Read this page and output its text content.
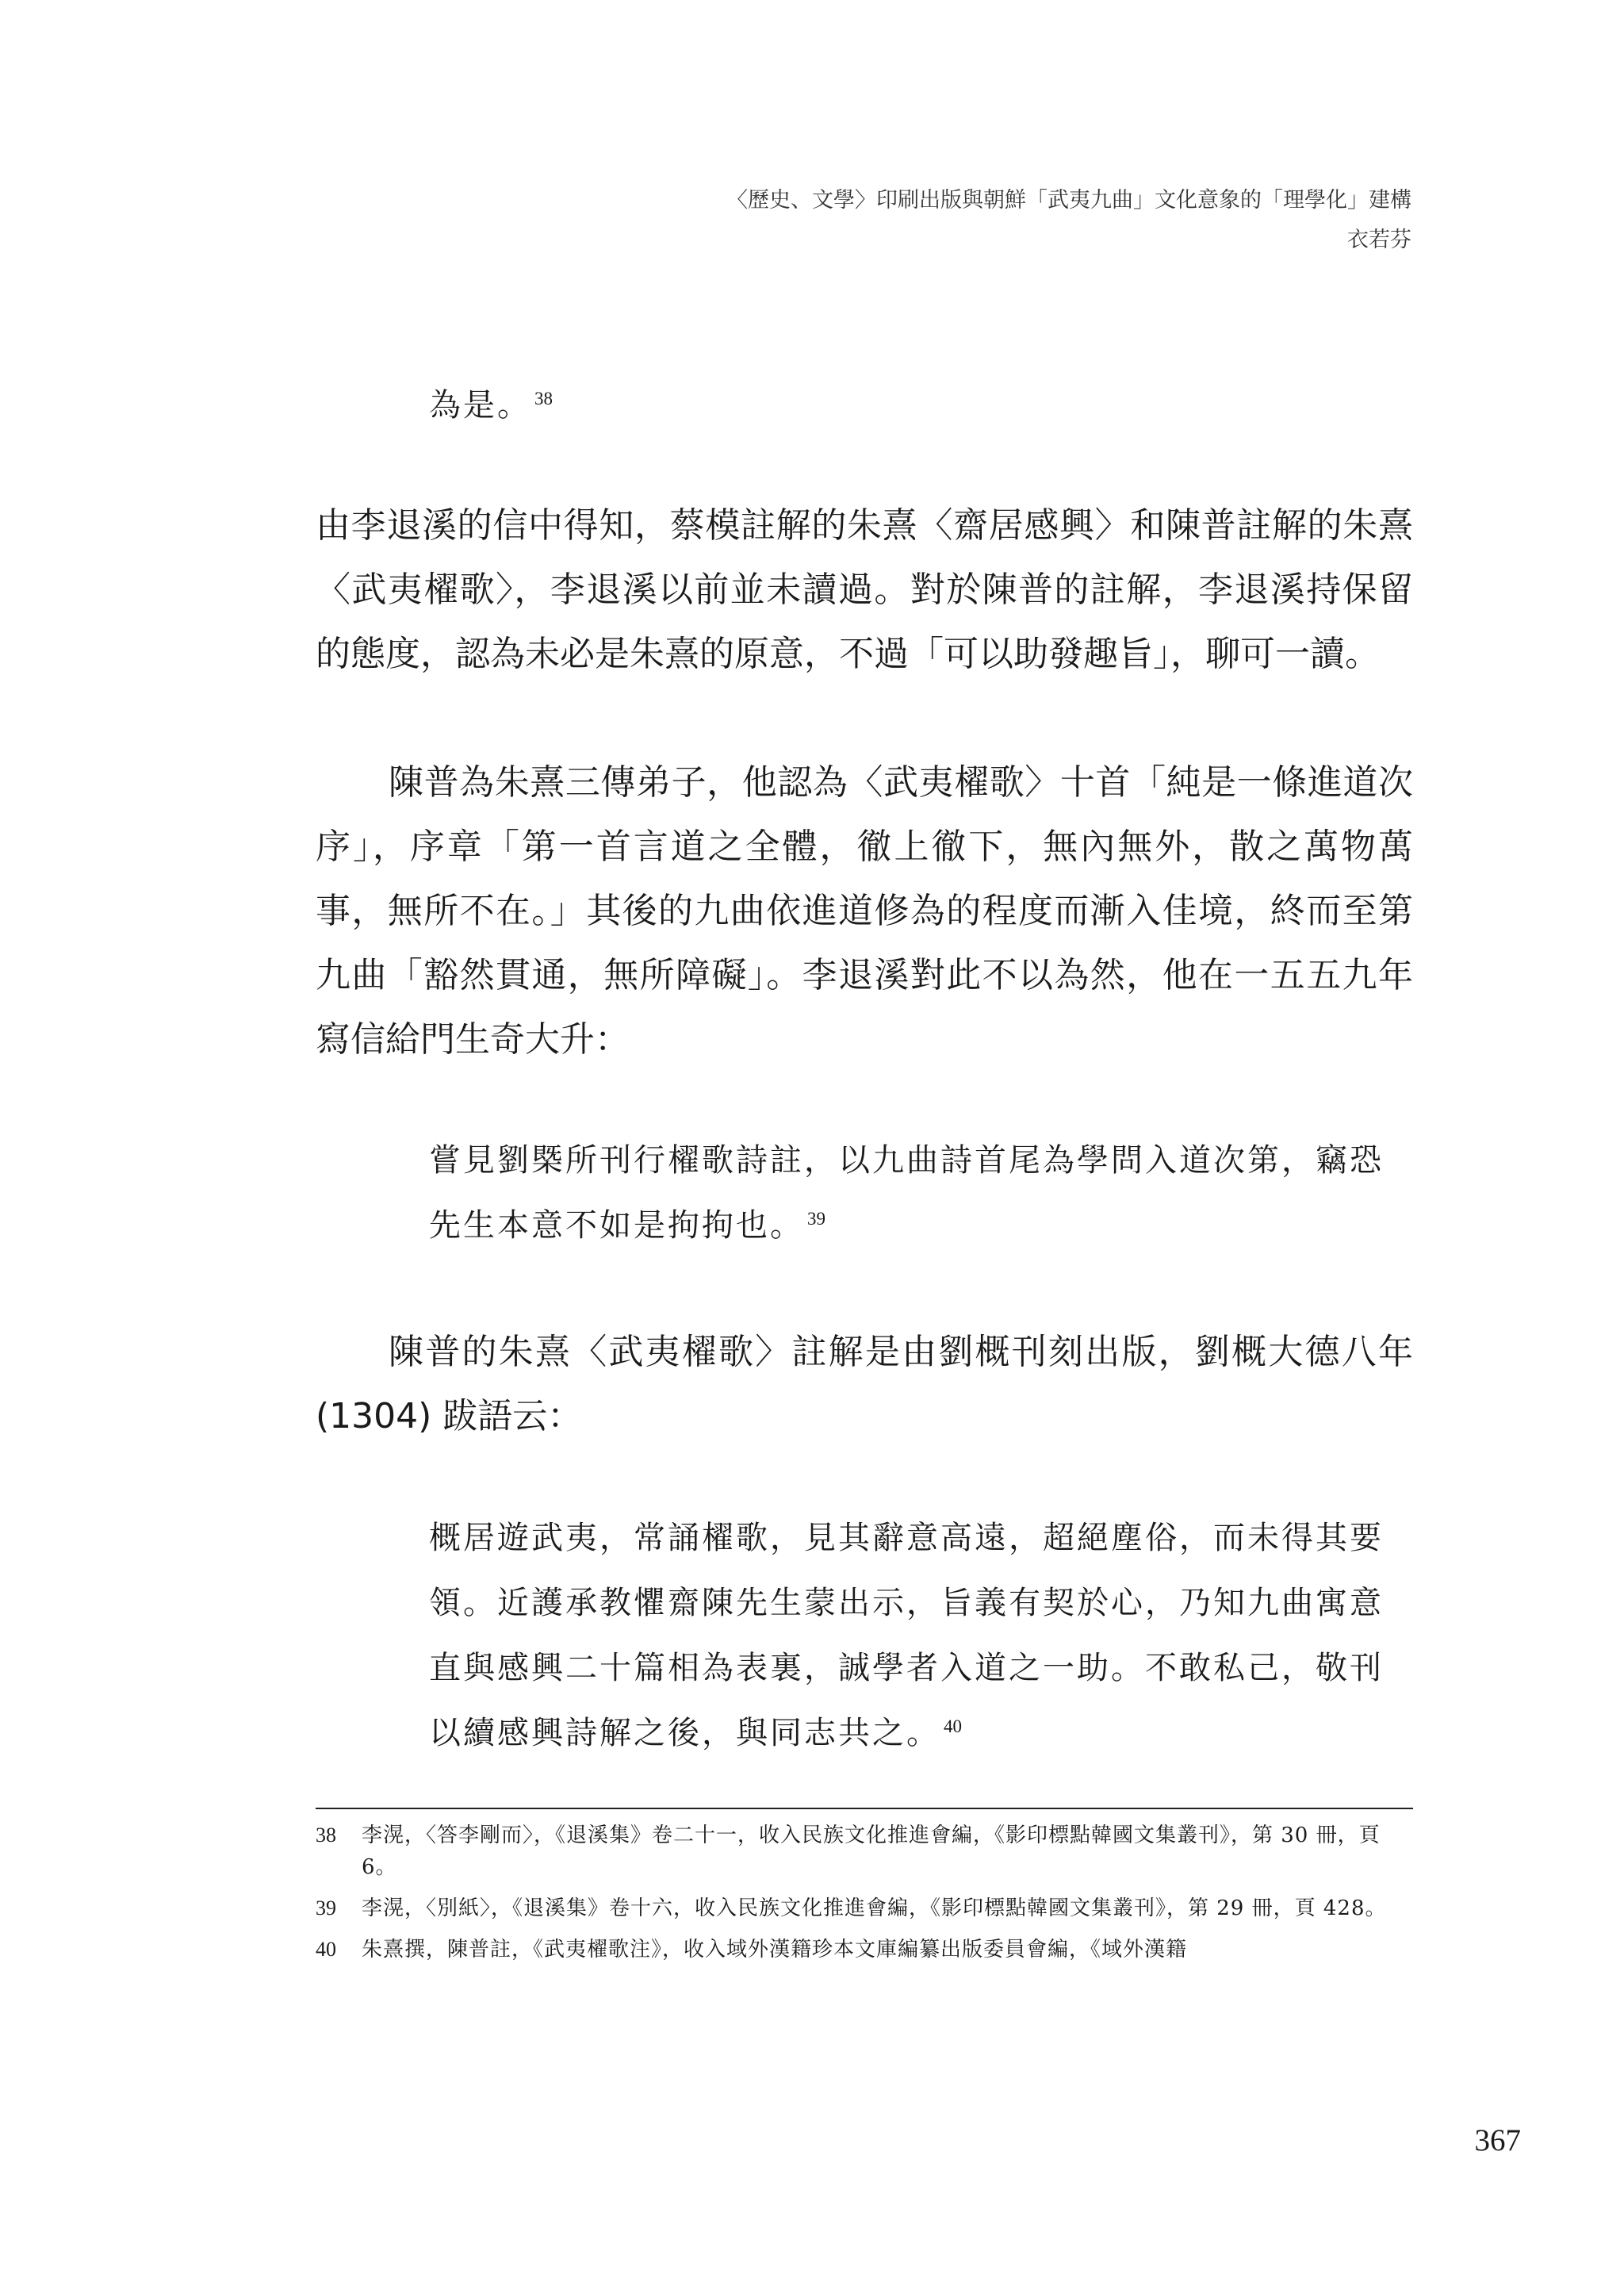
〈歷史、文學〉印刷出版與朝鮮「武夷九曲」文化意象的「理學化」建構
衣若芬

為是。 $^{38}$

由李退溪的信中得知，蔡模註解的朱熹〈齋居感興〉和陳普註解的朱熹〈武夷櫂歌〉，李退溪以前並未讀過。對於陳普的註解，李退溪持保留的態度，認為未必是朱熹的原意，不過「可以助發趣旨」，聊可一讀。

陳普為朱熹三傳弟子，他認為〈武夷櫂歌〉十首「純是一條進道次序」，序章「第一首言道之全體，徹上徹下，無內無外，散之萬物萬事，無所不在。」其後的九曲依進道修為的程度而漸入佳境，終而至第九曲「豁然貫通，無所障礙」。李退溪對此不以為然，他在一五五九年寫信給門生奇大升：

嘗見劉槩所刊行櫂歌詩註，以九曲詩首尾為學問入道次第，竊恐先生本意不如是拘拘也。 $^{39}$

陳普的朱熹〈武夷櫂歌〉註解是由劉概刊刻出版，劉概大德八年 (1304) 跋語云：

概居遊武夷，常誦櫂歌，見其辭意高遠，超絕塵俗，而未得其要領。近護承教懼齋陳先生蒙出示，旨義有契於心，乃知九曲寓意直與感興二十篇相為表裏，誠學者入道之一助。不敢私己，敬刊以續感興詩解之後，與同志共之。 $^{40}$

38	李滉，〈答李剛而〉，《退溪集》卷二十一，收入民族文化推進會編，《影印標點韓國文集叢刊》，第 30 冊，頁 6。
39	李滉，〈別紙〉，《退溪集》卷十六，收入民族文化推進會編，《影印標點韓國文集叢刊》，第 29 冊，頁 428。
40	朱熹撰，陳普註，《武夷櫂歌注》，收入域外漢籍珍本文庫編纂出版委員會編，《域外漢籍
367
